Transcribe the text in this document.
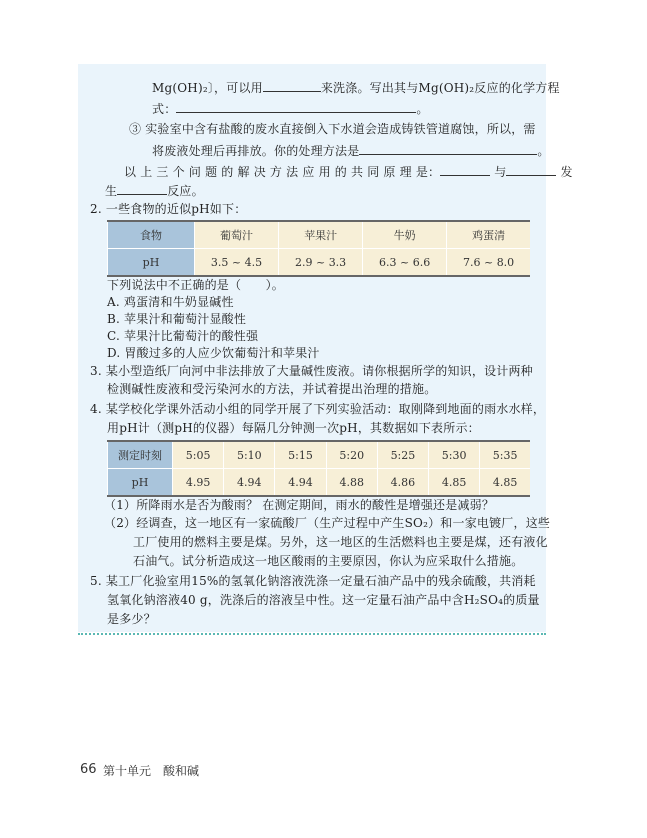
Mg(OH)₂〕，可以用	来洗涤。写出其与Mg(OH)₂反应的化学方程
式：	。
③ 实验室中含有盐酸的废水直接倒入下水道会造成铸铁管道腐蚀，所以，需
将废液处理后再排放。你的处理方法是	。
以 上 三 个 问 题 的 解 决 方 法 应 用 的 共 同 原 理 是：	与	发
生	反应。
2. 一些食物的近似pH如下：
食物	葡萄汁	苹果汁	牛奶	鸡蛋清
pH	3.5 ~ 4.5	2.9 ~ 3.3	6.3 ~ 6.6	7.6 ~ 8.0
下列说法中不正确的是（　　）。
A. 鸡蛋清和牛奶显碱性
B. 苹果汁和葡萄汁显酸性
C. 苹果汁比葡萄汁的酸性强
D. 胃酸过多的人应少饮葡萄汁和苹果汁
3. 某小型造纸厂向河中非法排放了大量碱性废液。请你根据所学的知识，设计两种
检测碱性废液和受污染河水的方法，并试着提出治理的措施。
4. 某学校化学课外活动小组的同学开展了下列实验活动：取刚降到地面的雨水水样，
用pH计（测pH的仪器）每隔几分钟测一次pH，其数据如下表所示：
测定时刻	5:05	5:10	5:15	5:20	5:25	5:30	5:35
pH	4.95	4.94	4.94	4.88	4.86	4.85	4.85
（1）所降雨水是否为酸雨？ 在测定期间，雨水的酸性是增强还是减弱？
（2）经调查，这一地区有一家硫酸厂（生产过程中产生SO₂）和一家电镀厂，这些
工厂使用的燃料主要是煤。另外，这一地区的生活燃料也主要是煤，还有液化
石油气。试分析造成这一地区酸雨的主要原因，你认为应采取什么措施。
5. 某工厂化验室用15%的氢氧化钠溶液洗涤一定量石油产品中的残余硫酸，共消耗
氢氧化钠溶液40 g，洗涤后的溶液呈中性。这一定量石油产品中含H₂SO₄的质量
是多少？
66 第十单元　酸和碱
